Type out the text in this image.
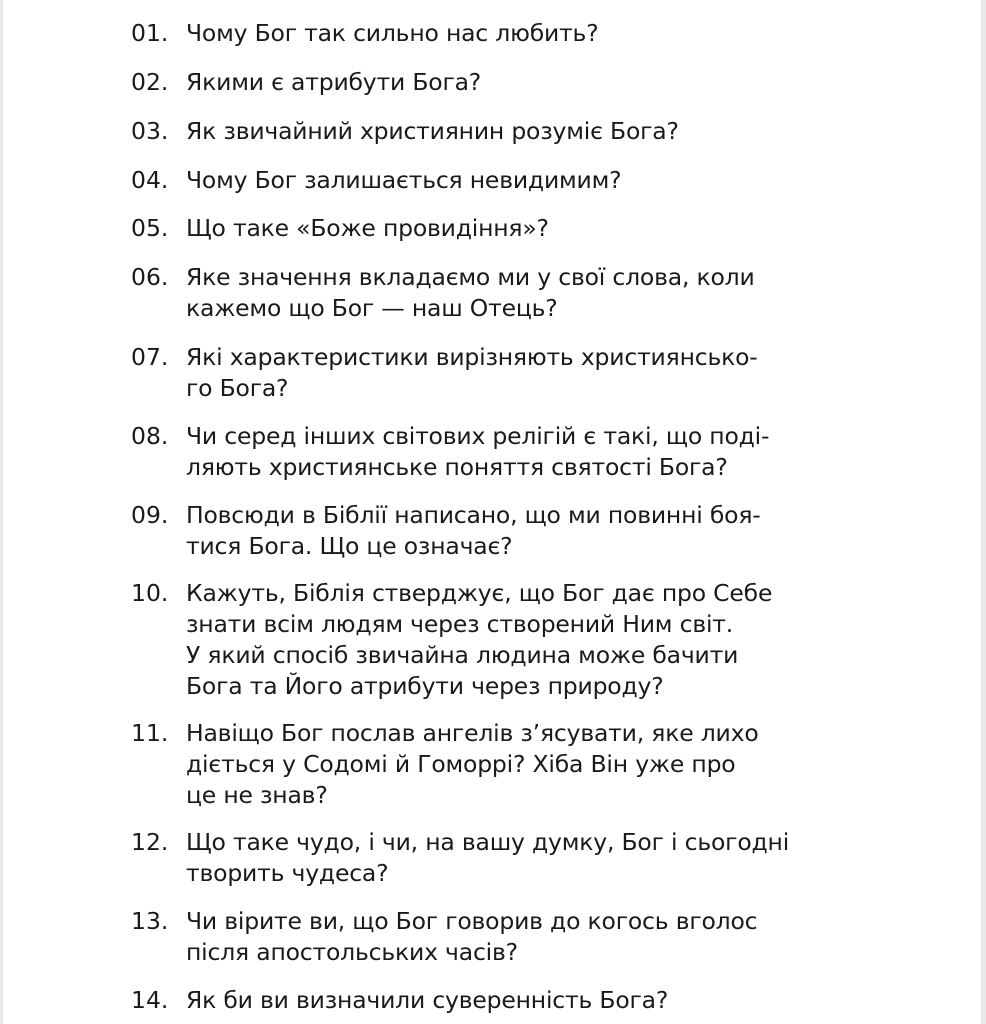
01. Чому Бог так сильно нас любить?
02. Якими є атрибути Бога?
03. Як звичайний християнин розуміє Бога?
04. Чому Бог залишається невидимим?
05. Що таке «Боже провидіння»?
06. Яке значення вкладаємо ми у свої слова, коли
кажемо що Бог — наш Отець?
07. Які характеристики вирізняють християнсько-
го Бога?
08. Чи серед інших світових релігій є такі, що поді-
ляють християнське поняття святості Бога?
09. Повсюди в Біблії написано, що ми повинні боя-
тися Бога. Що це означає?
10. Кажуть, Біблія стверджує, що Бог дає про Себе
знати всім людям через створений Ним світ.
У який спосіб звичайна людина може бачити
Бога та Його атрибути через природу?
11. Навіщо Бог послав ангелів з’ясувати, яке лихо
діється у Содомі й Гоморрі? Хіба Він уже про
це не знав?
12. Що таке чудо, і чи, на вашу думку, Бог і сьогодні
творить чудеса?
13. Чи вірите ви, що Бог говорив до когось вголос
після апостольських часів?
14. Як би ви визначили суверенність Бога?
